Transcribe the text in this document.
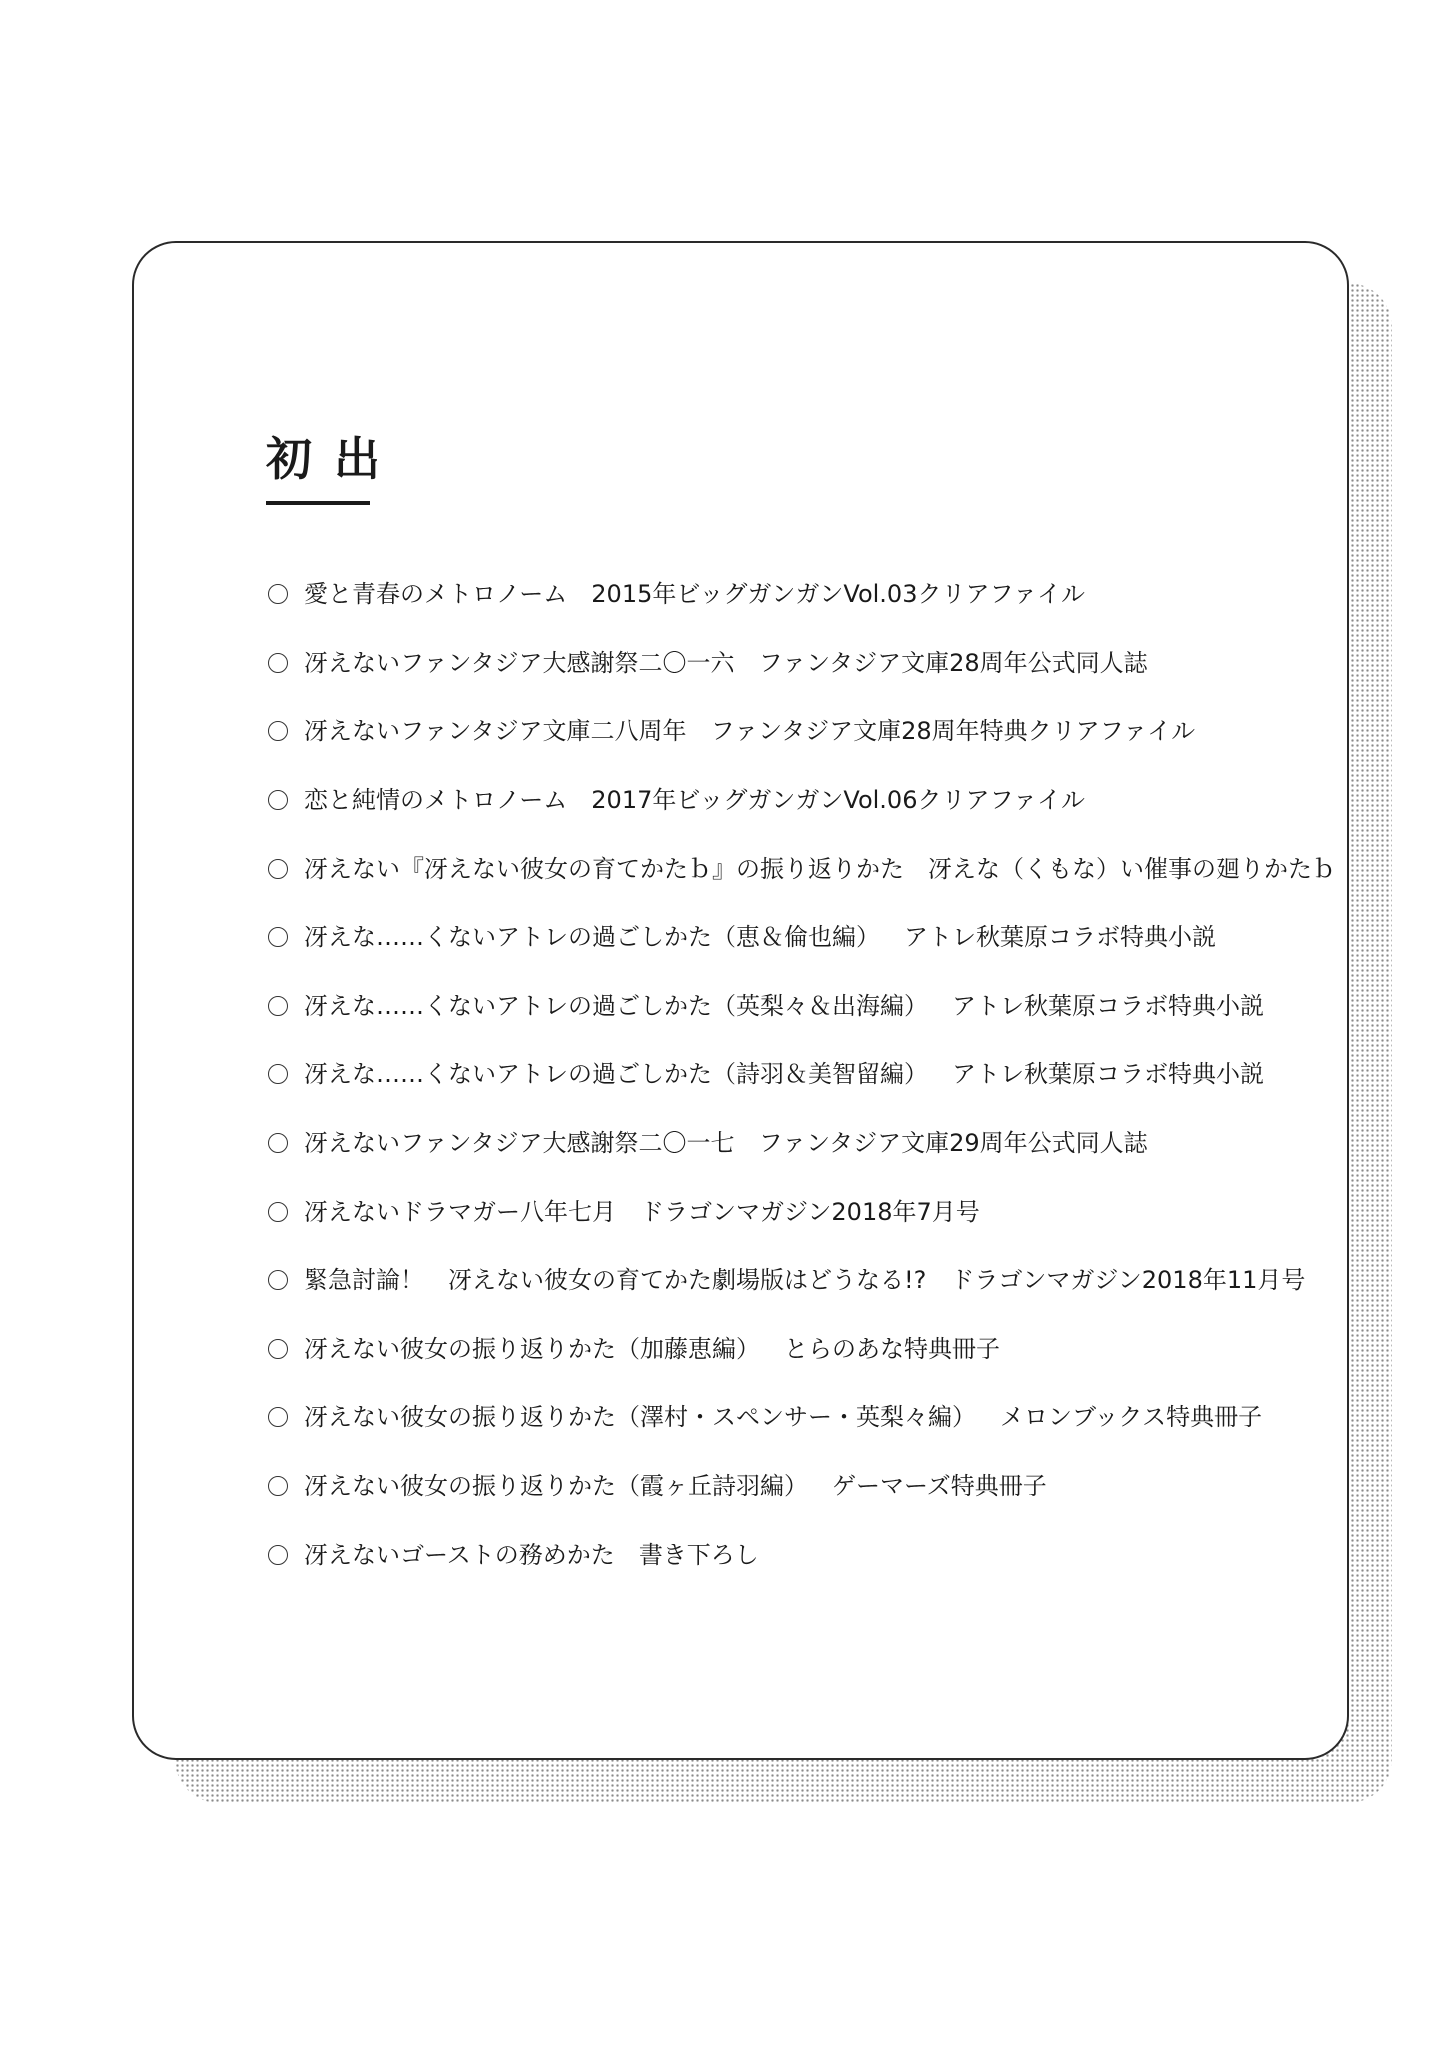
初出
愛と青春のメトロノーム 2015年ビッグガンガンVol.03クリアファイル
冴えないファンタジア大感謝祭二〇一六 ファンタジア文庫28周年公式同人誌
冴えないファンタジア文庫二八周年 ファンタジア文庫28周年特典クリアファイル
恋と純情のメトロノーム 2017年ビッグガンガンVol.06クリアファイル
冴えない『冴えない彼女の育てかたｂ』の振り返りかた 冴えな（くもな）い催事の廻りかたｂ
冴えな……くないアトレの過ごしかた（恵＆倫也編） アトレ秋葉原コラボ特典小説
冴えな……くないアトレの過ごしかた（英梨々＆出海編） アトレ秋葉原コラボ特典小説
冴えな……くないアトレの過ごしかた（詩羽＆美智留編） アトレ秋葉原コラボ特典小説
冴えないファンタジア大感謝祭二〇一七 ファンタジア文庫29周年公式同人誌
冴えないドラマガー八年七月 ドラゴンマガジン2018年7月号
緊急討論！　冴えない彼女の育てかた劇場版はどうなる!? ドラゴンマガジン2018年11月号
冴えない彼女の振り返りかた（加藤恵編） とらのあな特典冊子
冴えない彼女の振り返りかた（澤村・スペンサー・英梨々編） メロンブックス特典冊子
冴えない彼女の振り返りかた（霞ヶ丘詩羽編） ゲーマーズ特典冊子
冴えないゴーストの務めかた 書き下ろし
